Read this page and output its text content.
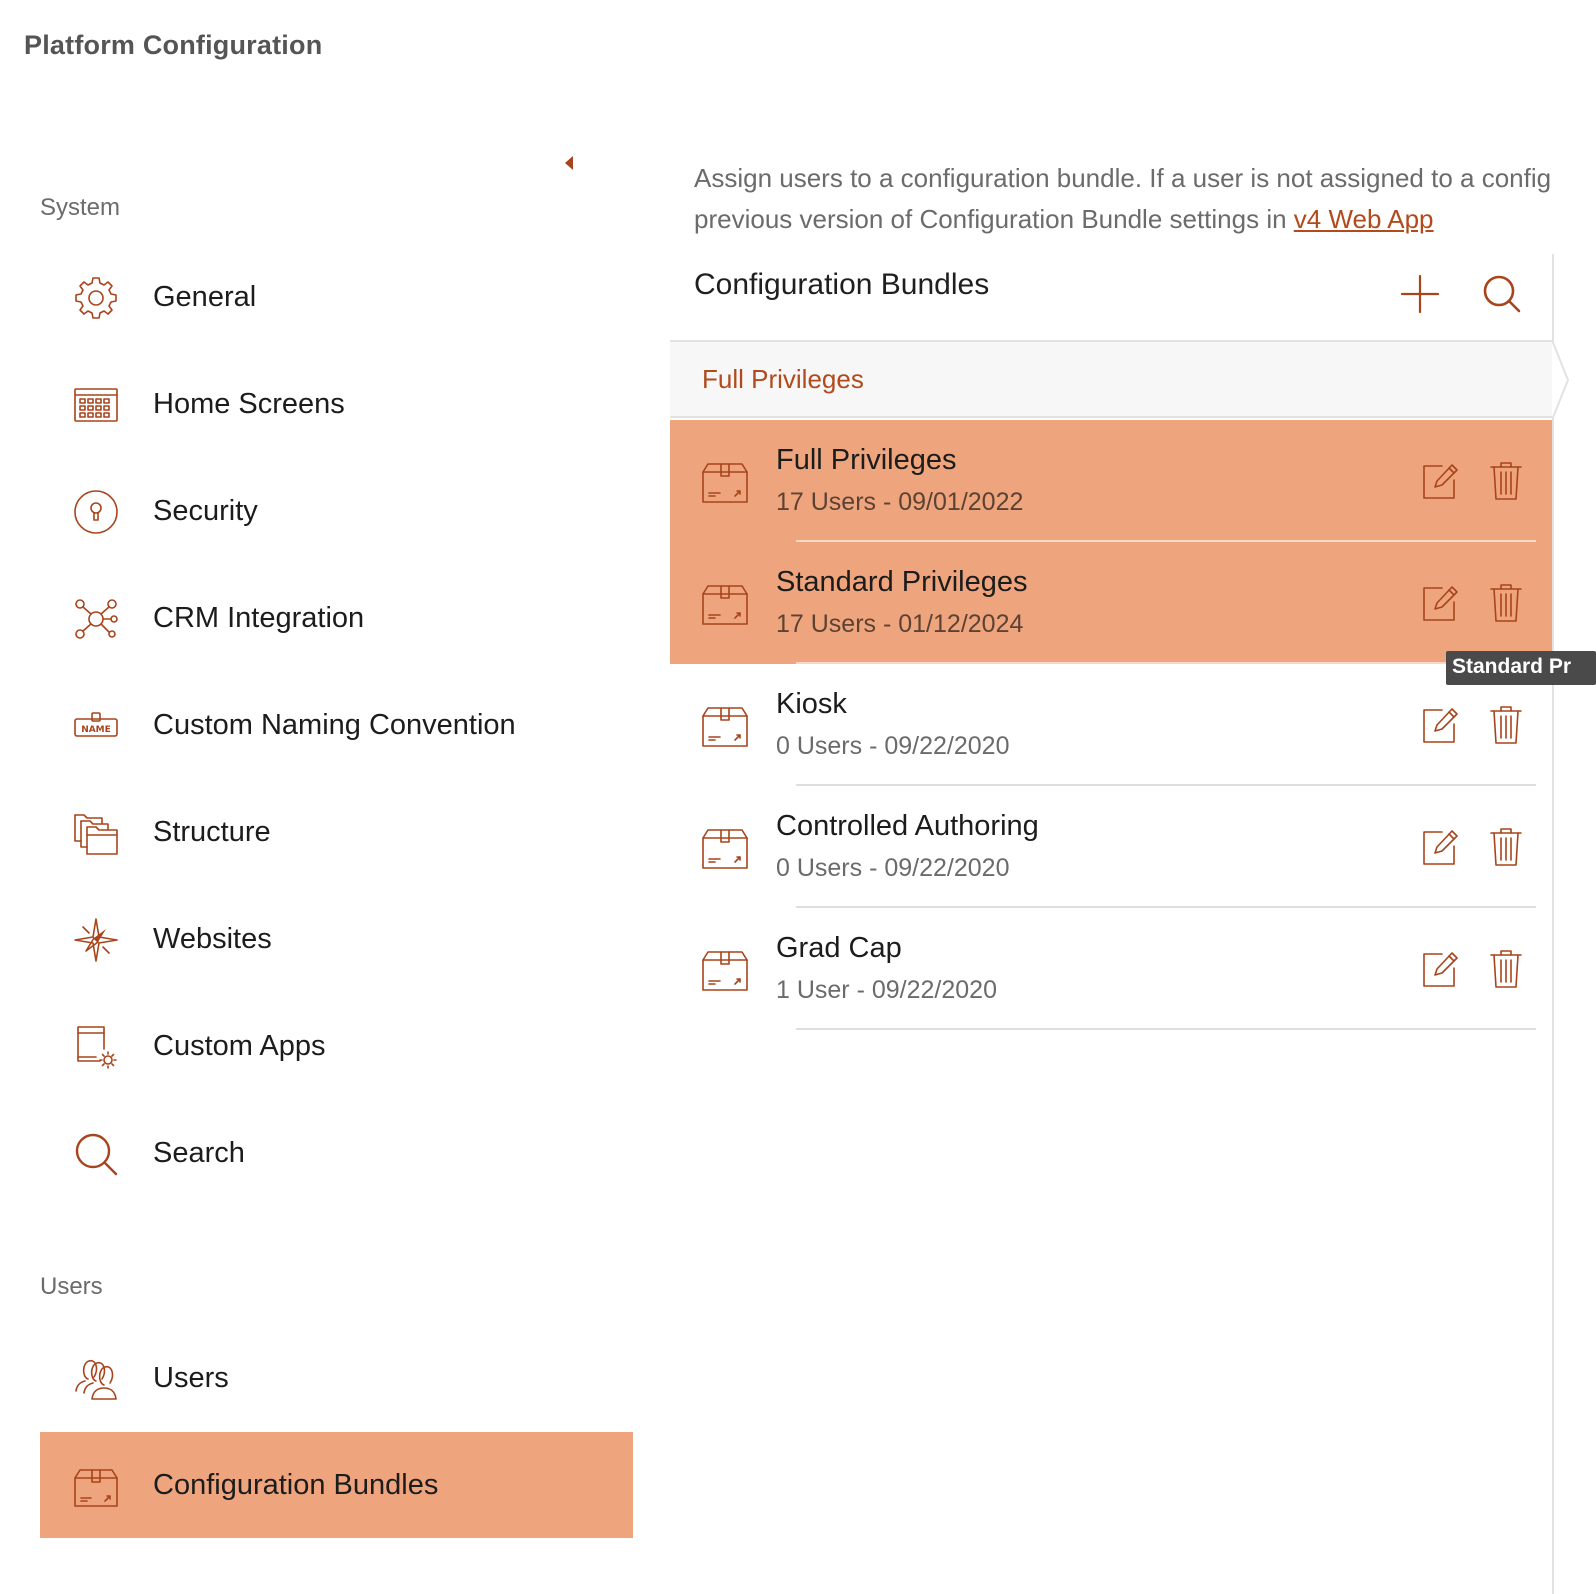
Platform Configuration
System
General
Home Screens
Security
CRM Integration
NAME Custom Naming Convention
Structure
Websites
Custom Apps
Search
Users
Users
Configuration Bundles
Assign users to a configuration bundle. If a user is not assigned to a config
previous version of Configuration Bundle settings in v4 Web App
Configuration Bundles
Full Privileges
Full Privileges
17 Users - 09/01/2022
Standard Privileges
17 Users - 01/12/2024
Kiosk
0 Users - 09/22/2020
Controlled Authoring
0 Users - 09/22/2020
Grad Cap
1 User - 09/22/2020
Standard Pr
